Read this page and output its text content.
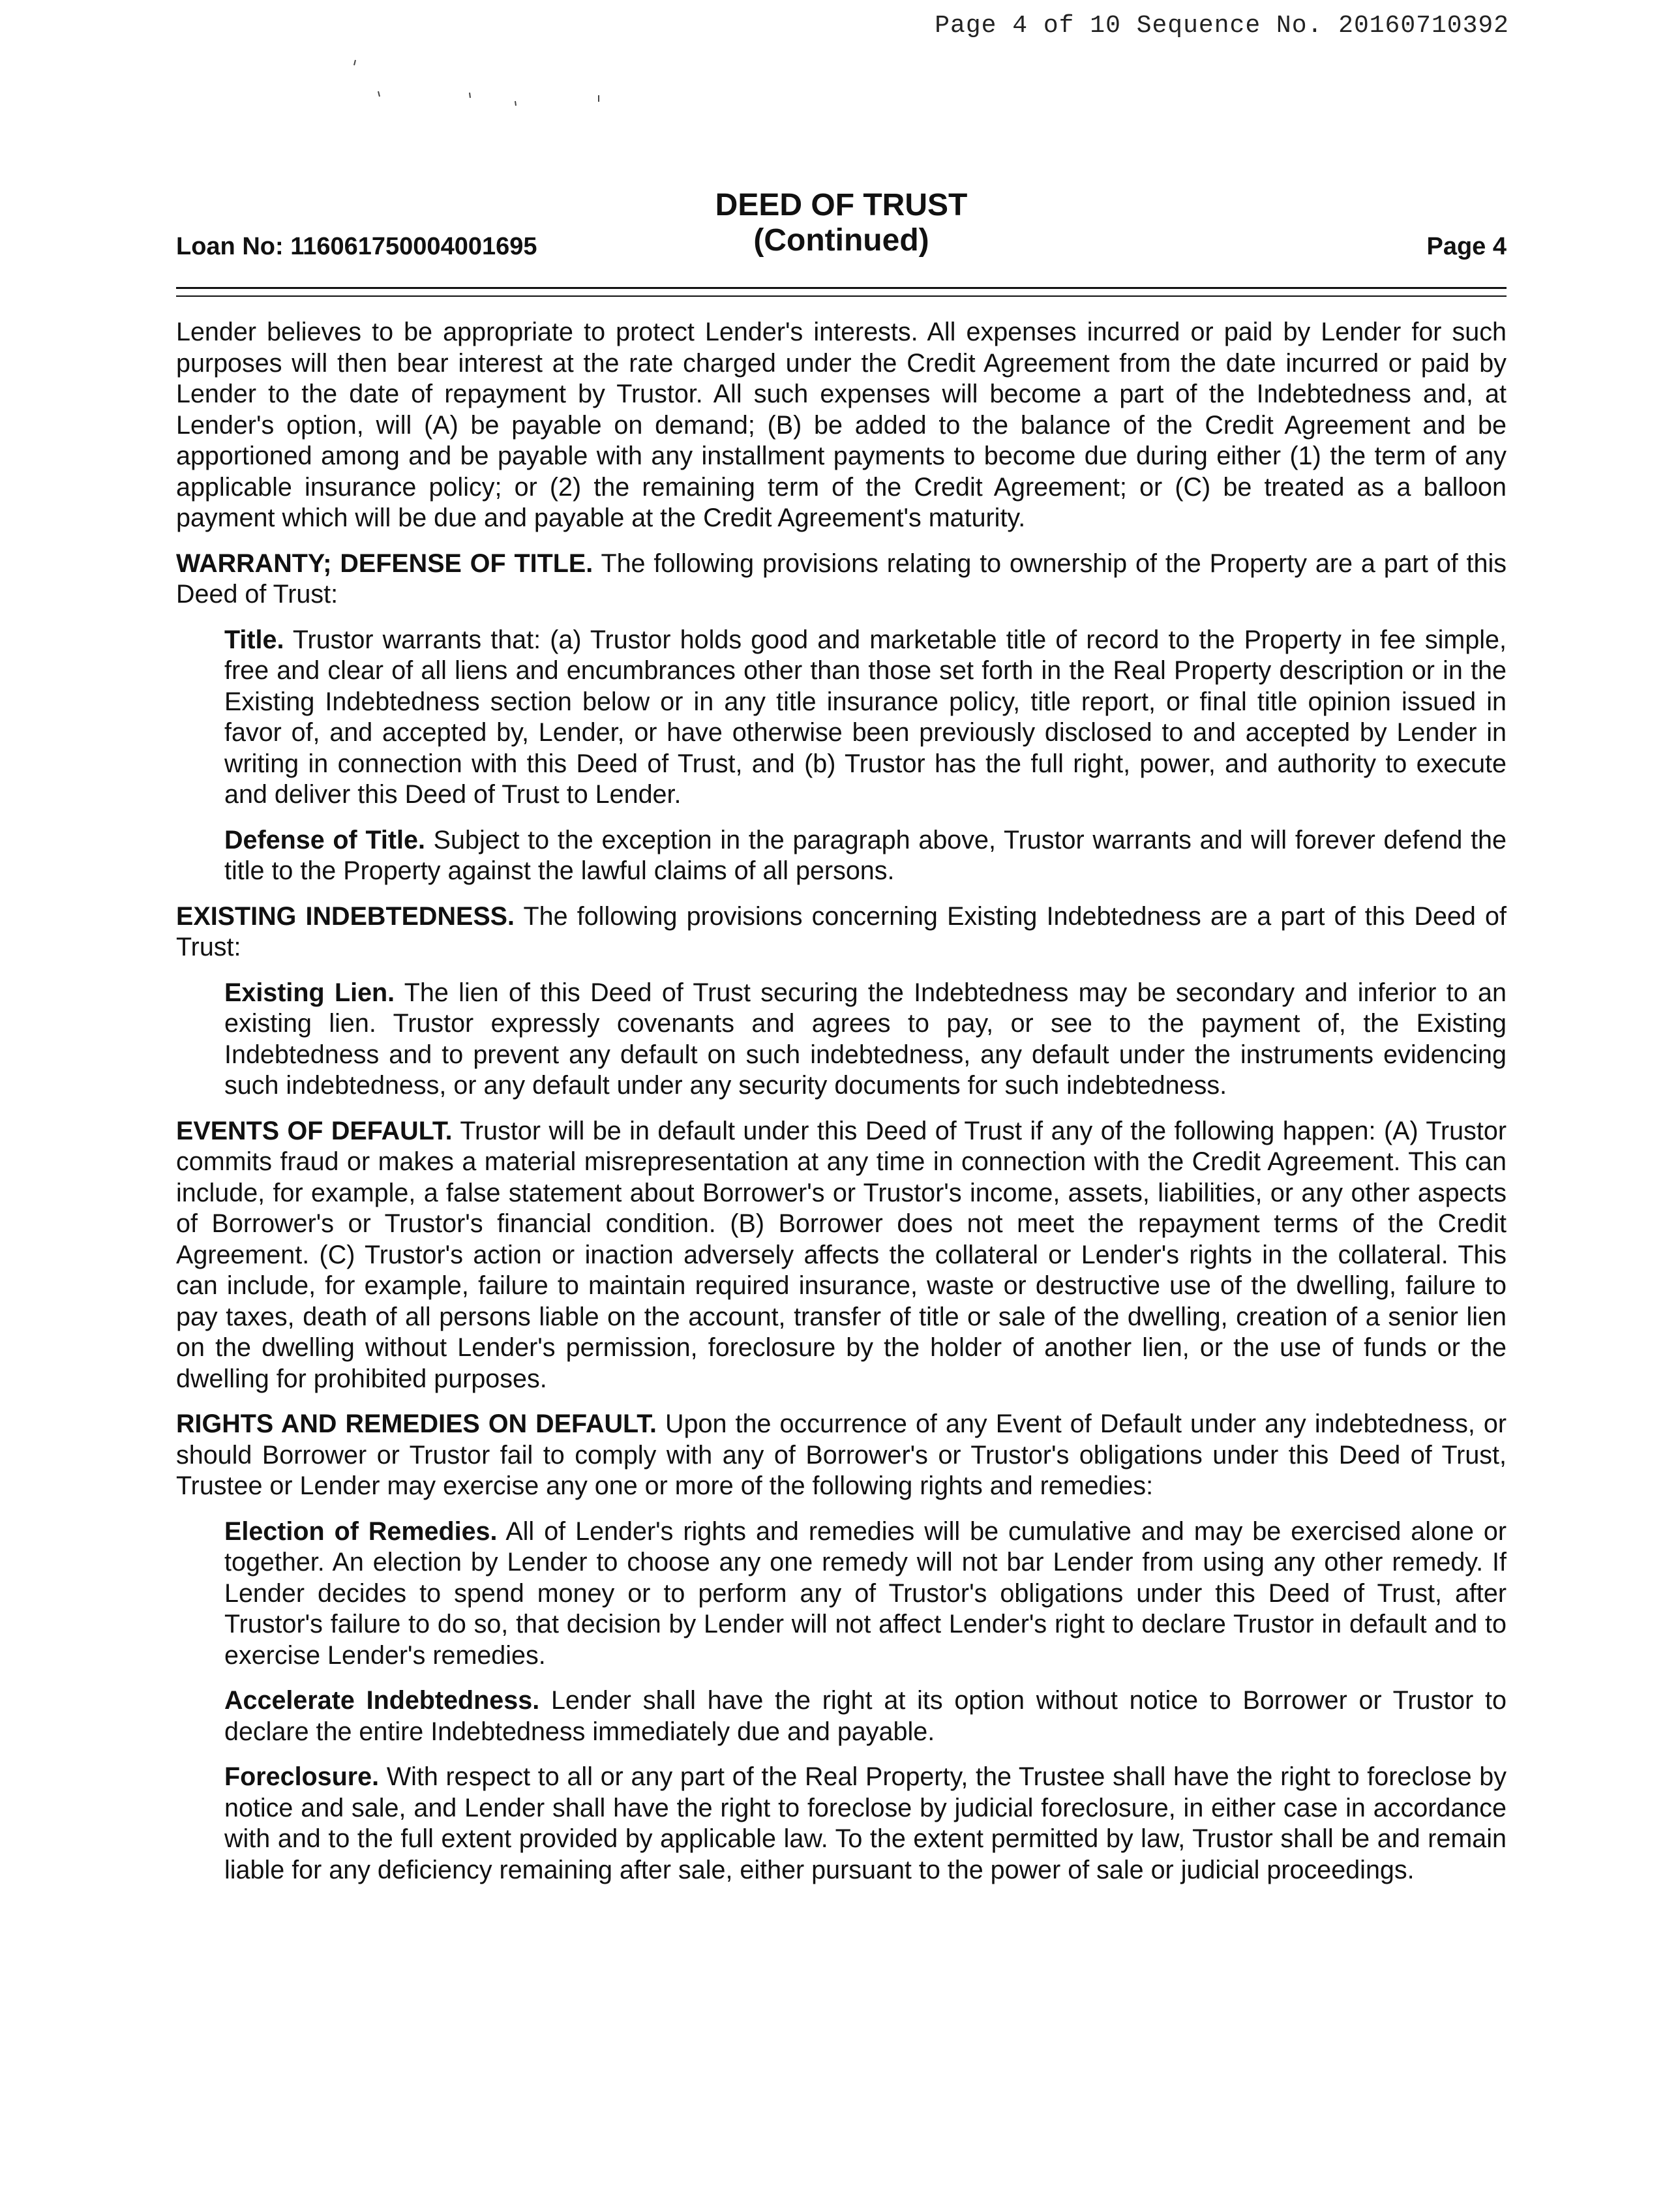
Page 4 of 10 Sequence No. 20160710392
Loan No: 116061750004001695
DEED OF TRUST
(Continued)	Page 4

Lender believes to be appropriate to protect Lender's interests. All expenses incurred or paid by Lender for such purposes will then bear interest at the rate charged under the Credit Agreement from the date incurred or paid by Lender to the date of repayment by Trustor. All such expenses will become a part of the Indebtedness and, at Lender's option, will (A) be payable on demand; (B) be added to the balance of the Credit Agreement and be apportioned among and be payable with any installment payments to become due during either (1) the term of any applicable insurance policy; or (2) the remaining term of the Credit Agreement; or (C) be treated as a balloon payment which will be due and payable at the Credit Agreement's maturity.

WARRANTY; DEFENSE OF TITLE. The following provisions relating to ownership of the Property are a part of this Deed of Trust:

Title. Trustor warrants that: (a) Trustor holds good and marketable title of record to the Property in fee simple, free and clear of all liens and encumbrances other than those set forth in the Real Property description or in the Existing Indebtedness section below or in any title insurance policy, title report, or final title opinion issued in favor of, and accepted by, Lender, or have otherwise been previously disclosed to and accepted by Lender in writing in connection with this Deed of Trust, and (b) Trustor has the full right, power, and authority to execute and deliver this Deed of Trust to Lender.

Defense of Title. Subject to the exception in the paragraph above, Trustor warrants and will forever defend the title to the Property against the lawful claims of all persons.

EXISTING INDEBTEDNESS. The following provisions concerning Existing Indebtedness are a part of this Deed of Trust:

Existing Lien. The lien of this Deed of Trust securing the Indebtedness may be secondary and inferior to an existing lien. Trustor expressly covenants and agrees to pay, or see to the payment of, the Existing Indebtedness and to prevent any default on such indebtedness, any default under the instruments evidencing such indebtedness, or any default under any security documents for such indebtedness.

EVENTS OF DEFAULT. Trustor will be in default under this Deed of Trust if any of the following happen: (A) Trustor commits fraud or makes a material misrepresentation at any time in connection with the Credit Agreement. This can include, for example, a false statement about Borrower's or Trustor's income, assets, liabilities, or any other aspects of Borrower's or Trustor's financial condition. (B) Borrower does not meet the repayment terms of the Credit Agreement. (C) Trustor's action or inaction adversely affects the collateral or Lender's rights in the collateral. This can include, for example, failure to maintain required insurance, waste or destructive use of the dwelling, failure to pay taxes, death of all persons liable on the account, transfer of title or sale of the dwelling, creation of a senior lien on the dwelling without Lender's permission, foreclosure by the holder of another lien, or the use of funds or the dwelling for prohibited purposes.

RIGHTS AND REMEDIES ON DEFAULT. Upon the occurrence of any Event of Default under any indebtedness, or should Borrower or Trustor fail to comply with any of Borrower's or Trustor's obligations under this Deed of Trust, Trustee or Lender may exercise any one or more of the following rights and remedies:

Election of Remedies. All of Lender's rights and remedies will be cumulative and may be exercised alone or together. An election by Lender to choose any one remedy will not bar Lender from using any other remedy. If Lender decides to spend money or to perform any of Trustor's obligations under this Deed of Trust, after Trustor's failure to do so, that decision by Lender will not affect Lender's right to declare Trustor in default and to exercise Lender's remedies.

Accelerate Indebtedness. Lender shall have the right at its option without notice to Borrower or Trustor to declare the entire Indebtedness immediately due and payable.

Foreclosure. With respect to all or any part of the Real Property, the Trustee shall have the right to foreclose by notice and sale, and Lender shall have the right to foreclose by judicial foreclosure, in either case in accordance with and to the full extent provided by applicable law. To the extent permitted by law, Trustor shall be and remain liable for any deficiency remaining after sale, either pursuant to the power of sale or judicial proceedings.
